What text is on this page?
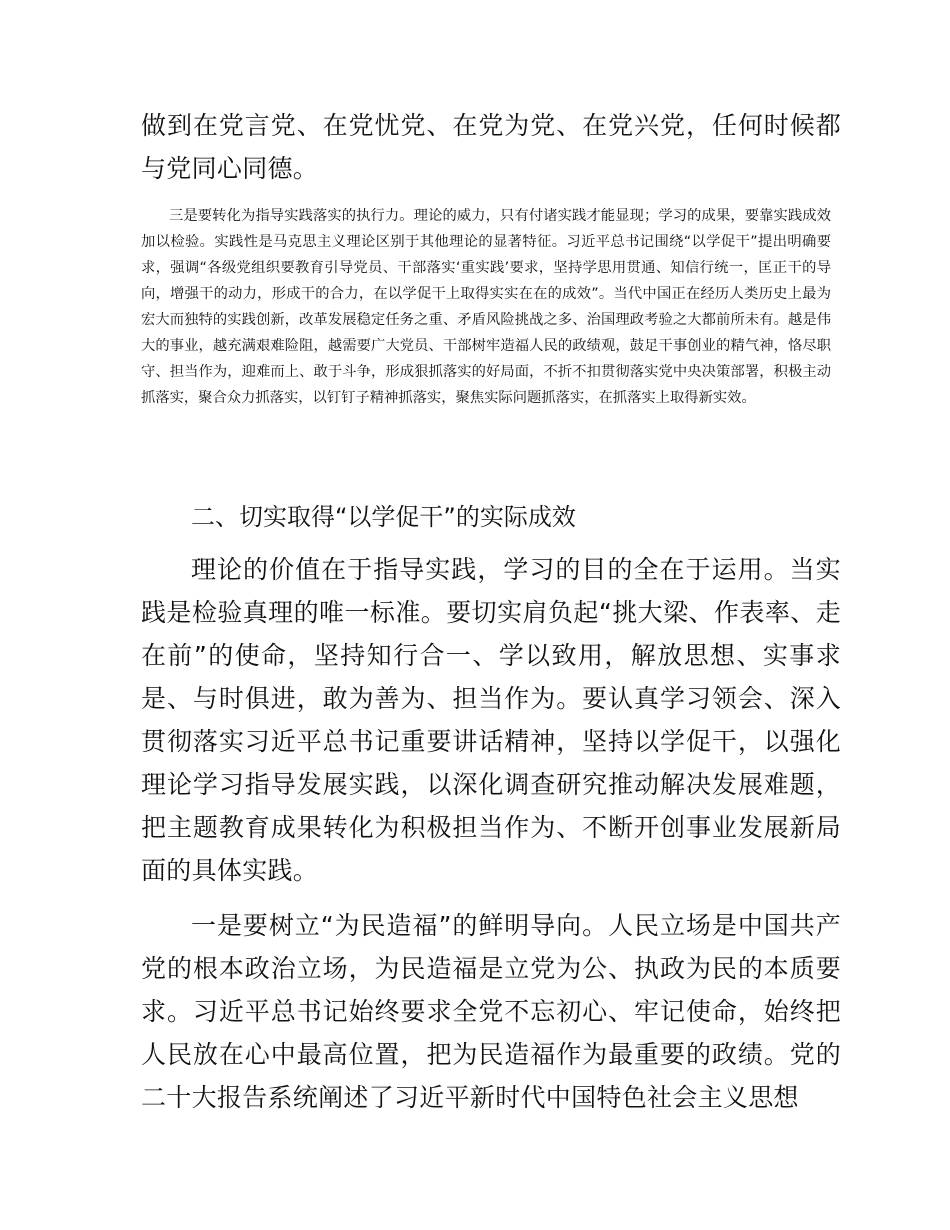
做到在党言党、在党忧党、在党为党、在党兴党，任何时候都与党同心同德。

三是要转化为指导实践落实的执行力。理论的威力，只有付诸实践才能显现；学习的成果，要靠实践成效加以检验。实践性是马克思主义理论区别于其他理论的显著特征。习近平总书记围绕“以学促干”提出明确要求，强调“各级党组织要教育引导党员、干部落实‘重实践’要求，坚持学思用贯通、知信行统一，匡正干的导向，增强干的动力，形成干的合力，在以学促干上取得实实在在的成效”。当代中国正在经历人类历史上最为宏大而独特的实践创新，改革发展稳定任务之重、矛盾风险挑战之多、治国理政考验之大都前所未有。越是伟大的事业，越充满艰难险阻，越需要广大党员、干部树牢造福人民的政绩观，鼓足干事创业的精气神，恪尽职守、担当作为，迎难而上、敢于斗争，形成狠抓落实的好局面，不折不扣贯彻落实党中央决策部署，积极主动抓落实，聚合众力抓落实，以钉钉子精神抓落实，聚焦实际问题抓落实，在抓落实上取得新实效。

二、切实取得“以学促干”的实际成效

理论的价值在于指导实践，学习的目的全在于运用。当实践是检验真理的唯一标准。要切实肩负起“挑大梁、作表率、走在前”的使命，坚持知行合一、学以致用，解放思想、实事求是、与时俱进，敢为善为、担当作为。要认真学习领会、深入贯彻落实习近平总书记重要讲话精神，坚持以学促干，以强化理论学习指导发展实践，以深化调查研究推动解决发展难题，把主题教育成果转化为积极担当作为、不断开创事业发展新局面的具体实践。

一是要树立“为民造福”的鲜明导向。人民立场是中国共产党的根本政治立场，为民造福是立党为公、执政为民的本质要求。习近平总书记始终要求全党不忘初心、牢记使命，始终把人民放在心中最高位置，把为民造福作为最重要的政绩。党的二十大报告系统阐述了习近平新时代中国特色社会主义思想
